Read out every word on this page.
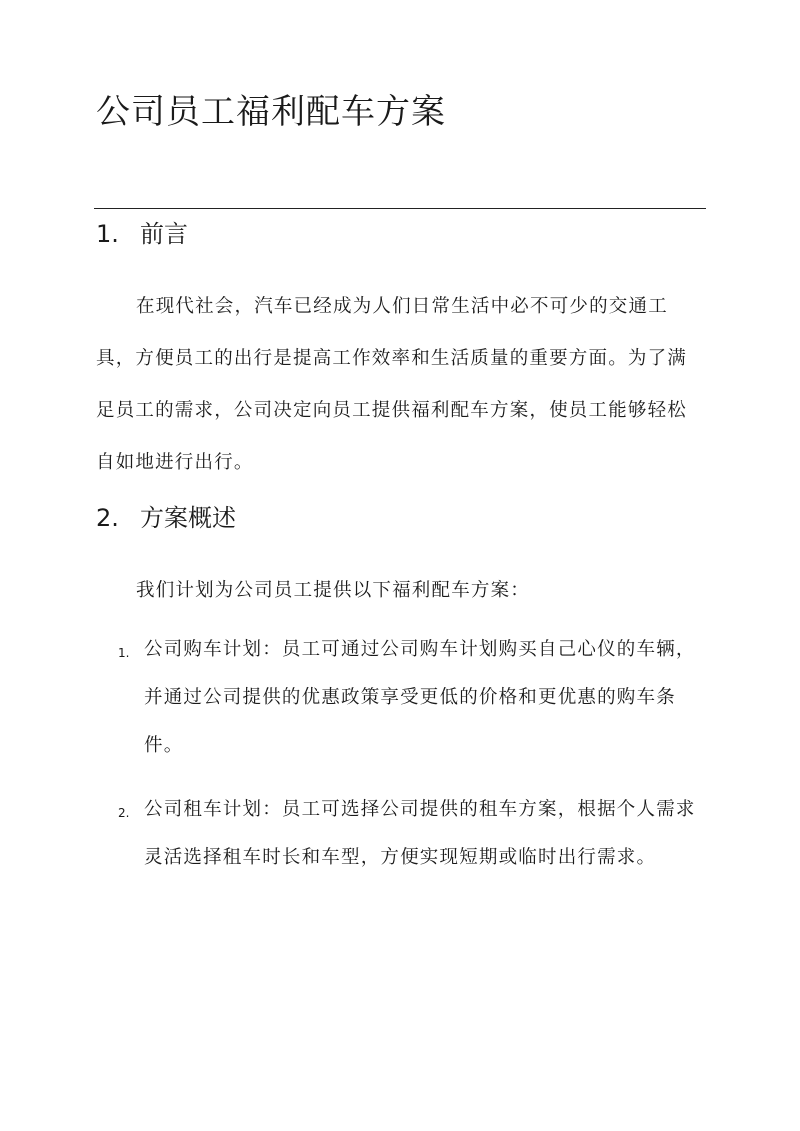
公司员工福利配车方案
1. 前言

在现代社会，汽车已经成为人们日常生活中必不可少的交通工具，方便员工的出行是提高工作效率和生活质量的重要方面。为了满足员工的需求，公司决定向员工提供福利配车方案，使员工能够轻松自如地进行出行。

2. 方案概述

我们计划为公司员工提供以下福利配车方案：

1. 公司购车计划：员工可通过公司购车计划购买自己心仪的车辆，并通过公司提供的优惠政策享受更低的价格和更优惠的购车条件。
2. 公司租车计划：员工可选择公司提供的租车方案，根据个人需求灵活选择租车时长和车型，方便实现短期或临时出行需求。
